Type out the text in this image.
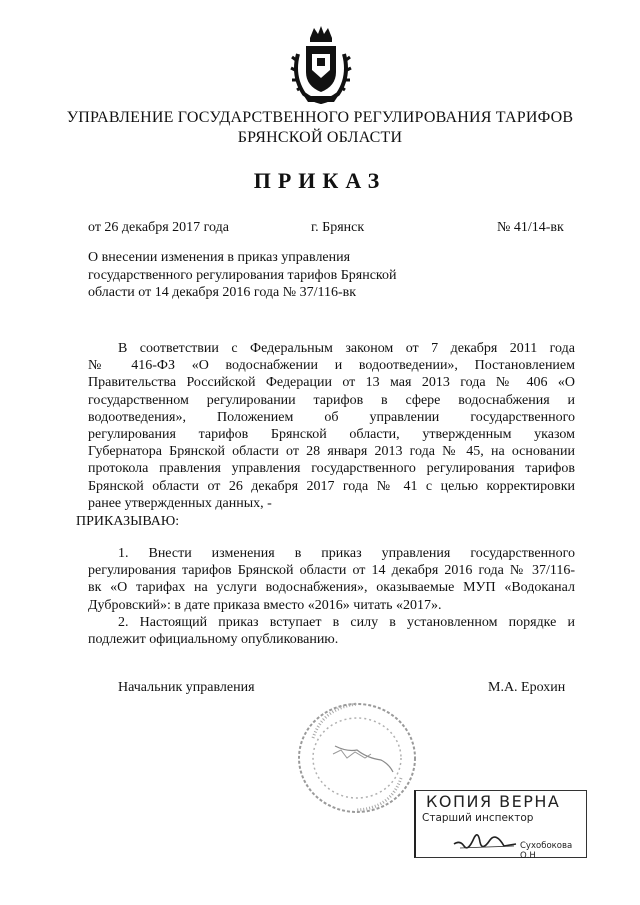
УПРАВЛЕНИЕ ГОСУДАРСТВЕННОГО РЕГУЛИРОВАНИЯ ТАРИФОВ
БРЯНСКОЙ ОБЛАСТИ
ПРИКАЗ
от 26 декабря 2017 года	г. Брянск	№ 41/14-вк
О внесении изменения в приказ управления
государственного регулирования тарифов Брянской
области от 14 декабря 2016 года № 37/116-вк
В соответствии с Федеральным законом от 7 декабря 2011 года
№ 416-ФЗ «О водоснабжении и водоотведении», Постановлением
Правительства Российской Федерации от 13 мая 2013 года № 406 «О
государственном регулировании тарифов в сфере водоснабжения и
водоотведения», Положением об управлении государственного
регулирования тарифов Брянской области, утвержденным указом
Губернатора Брянской области от 28 января 2013 года № 45, на основании
протокола правления управления государственного регулирования тарифов
Брянской области от 26 декабря 2017 года № 41 с целью корректировки
ранее утвержденных данных, -
ПРИКАЗЫВАЮ:
1. Внести изменения в приказ управления государственного
регулирования тарифов Брянской области от 14 декабря 2016 года № 37/116-
вк «О тарифах на услуги водоснабжения», оказываемые МУП «Водоканал
Дубровский»: в дате приказа вместо «2016» читать «2017».
2. Настоящий приказ вступает в силу в установленном порядке и
подлежит официальному опубликованию.
Начальник управления	М.А. Ерохин
КОПИЯ ВЕРНА
Старший инспектор
Сухобокова О.Н
